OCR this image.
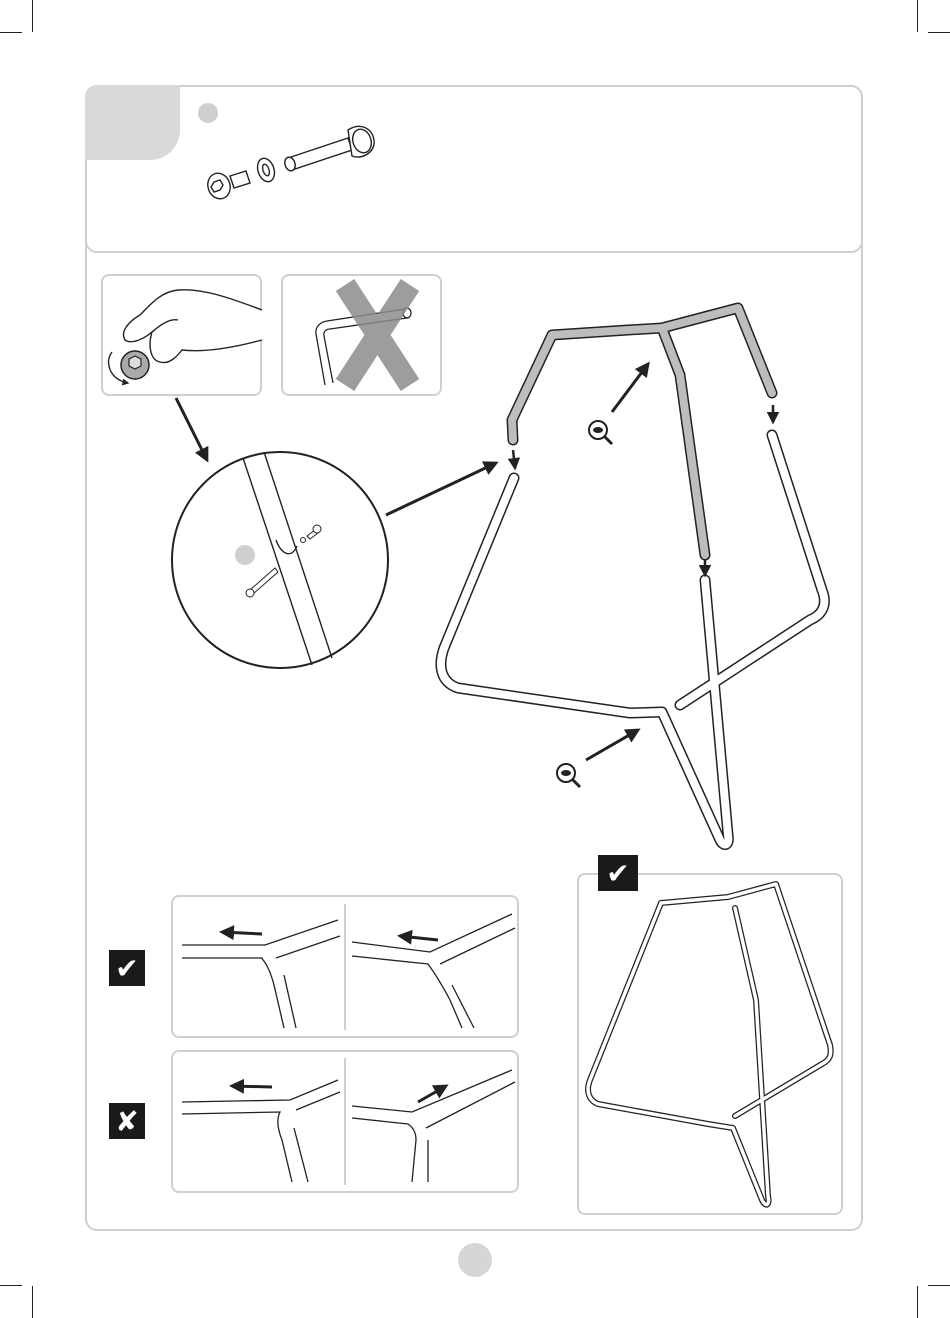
✔
✘
✔
